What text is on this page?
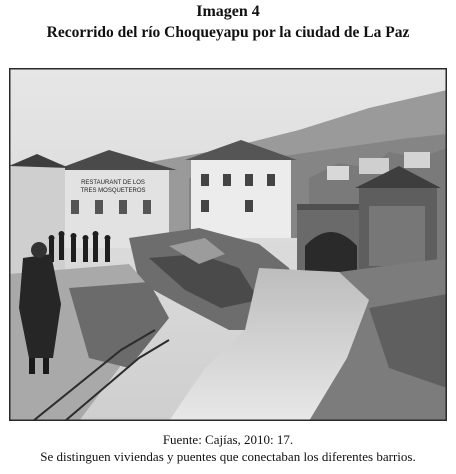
Imagen 4
Recorrido del río Choqueyapu por la ciudad de La Paz
RESTAURANT DE LOS
TRES MOSQUETEROS
Fuente: Cajías, 2010: 17.
Se distinguen viviendas y puentes que conectaban los diferentes barrios.
